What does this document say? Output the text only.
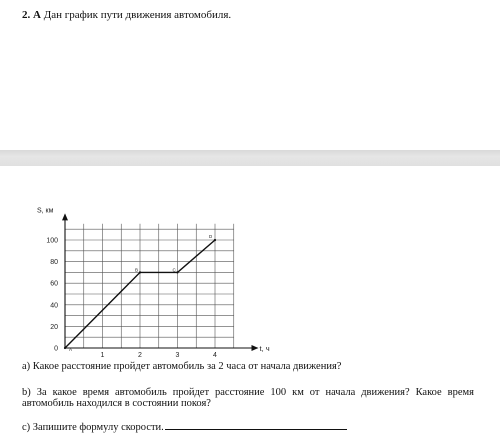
2. А Дан график пути движения автомобиля.
S, км
t, ч
0
20
40
60
80
100
1	2	3	4
A
B	C
D
а) Какое расстояние пройдет автомобиль за 2 часа от начала движения?
b) За какое время автомобиль пройдет расстояние 100 км от начала движения? Какое время автомобиль находился в состоянии покоя?
c) Запишите формулу скорости.
